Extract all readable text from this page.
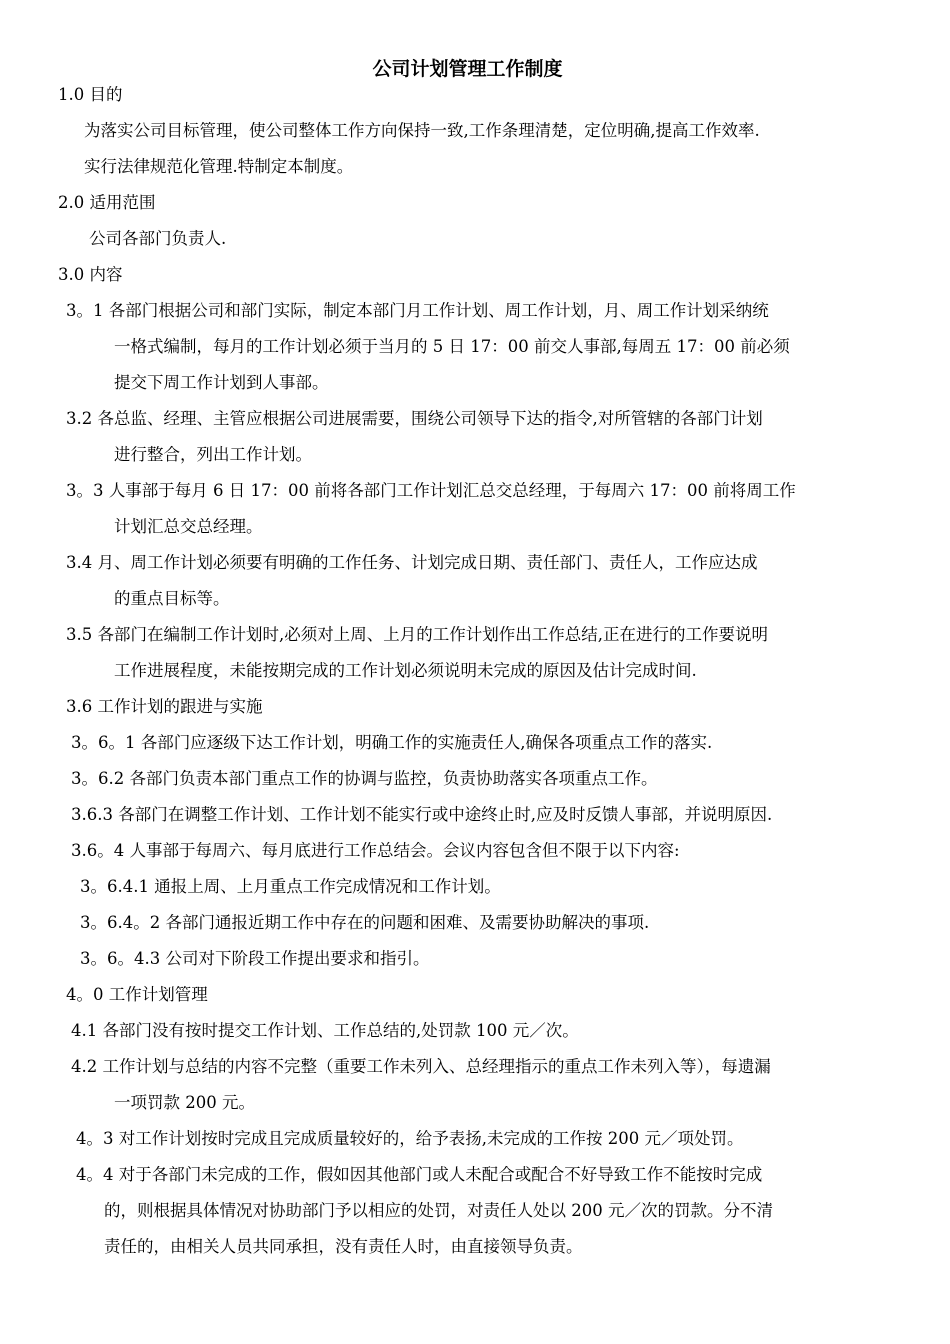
公司计划管理工作制度
1.0 目的
为落实公司目标管理，使公司整体工作方向保持一致,工作条理清楚，定位明确,提高工作效率.
实行法律规范化管理.特制定本制度。
2.0 适用范围
公司各部门负责人.
3.0 内容
3。1 各部门根据公司和部门实际，制定本部门月工作计划、周工作计划，月、周工作计划采纳统
一格式编制，每月的工作计划必须于当月的 5 日 17：00 前交人事部,每周五 17：00 前必须
提交下周工作计划到人事部。
3.2 各总监、经理、主管应根据公司进展需要，围绕公司领导下达的指令,对所管辖的各部门计划
进行整合，列出工作计划。
3。3 人事部于每月 6 日 17：00 前将各部门工作计划汇总交总经理，于每周六 17：00 前将周工作
计划汇总交总经理。
3.4 月、周工作计划必须要有明确的工作任务、计划完成日期、责任部门、责任人，工作应达成
的重点目标等。
3.5 各部门在编制工作计划时,必须对上周、上月的工作计划作出工作总结,正在进行的工作要说明
工作进展程度，未能按期完成的工作计划必须说明未完成的原因及估计完成时间.
3.6 工作计划的跟进与实施
3。6。1 各部门应逐级下达工作计划，明确工作的实施责任人,确保各项重点工作的落实.
3。6.2 各部门负责本部门重点工作的协调与监控，负责协助落实各项重点工作。
3.6.3 各部门在调整工作计划、工作计划不能实行或中途终止时,应及时反馈人事部，并说明原因.
3.6。4 人事部于每周六、每月底进行工作总结会。会议内容包含但不限于以下内容:
3。6.4.1 通报上周、上月重点工作完成情况和工作计划。
3。6.4。2 各部门通报近期工作中存在的问题和困难、及需要协助解决的事项.
3。6。4.3 公司对下阶段工作提出要求和指引。
4。0 工作计划管理
4.1 各部门没有按时提交工作计划、工作总结的,处罚款 100 元／次。
4.2 工作计划与总结的内容不完整（重要工作未列入、总经理指示的重点工作未列入等），每遗漏
一项罚款 200 元。
4。3 对工作计划按时完成且完成质量较好的，给予表扬,未完成的工作按 200 元／项处罚。
4。4 对于各部门未完成的工作，假如因其他部门或人未配合或配合不好导致工作不能按时完成
的，则根据具体情况对协助部门予以相应的处罚，对责任人处以 200 元／次的罚款。分不清
责任的，由相关人员共同承担，没有责任人时，由直接领导负责。
